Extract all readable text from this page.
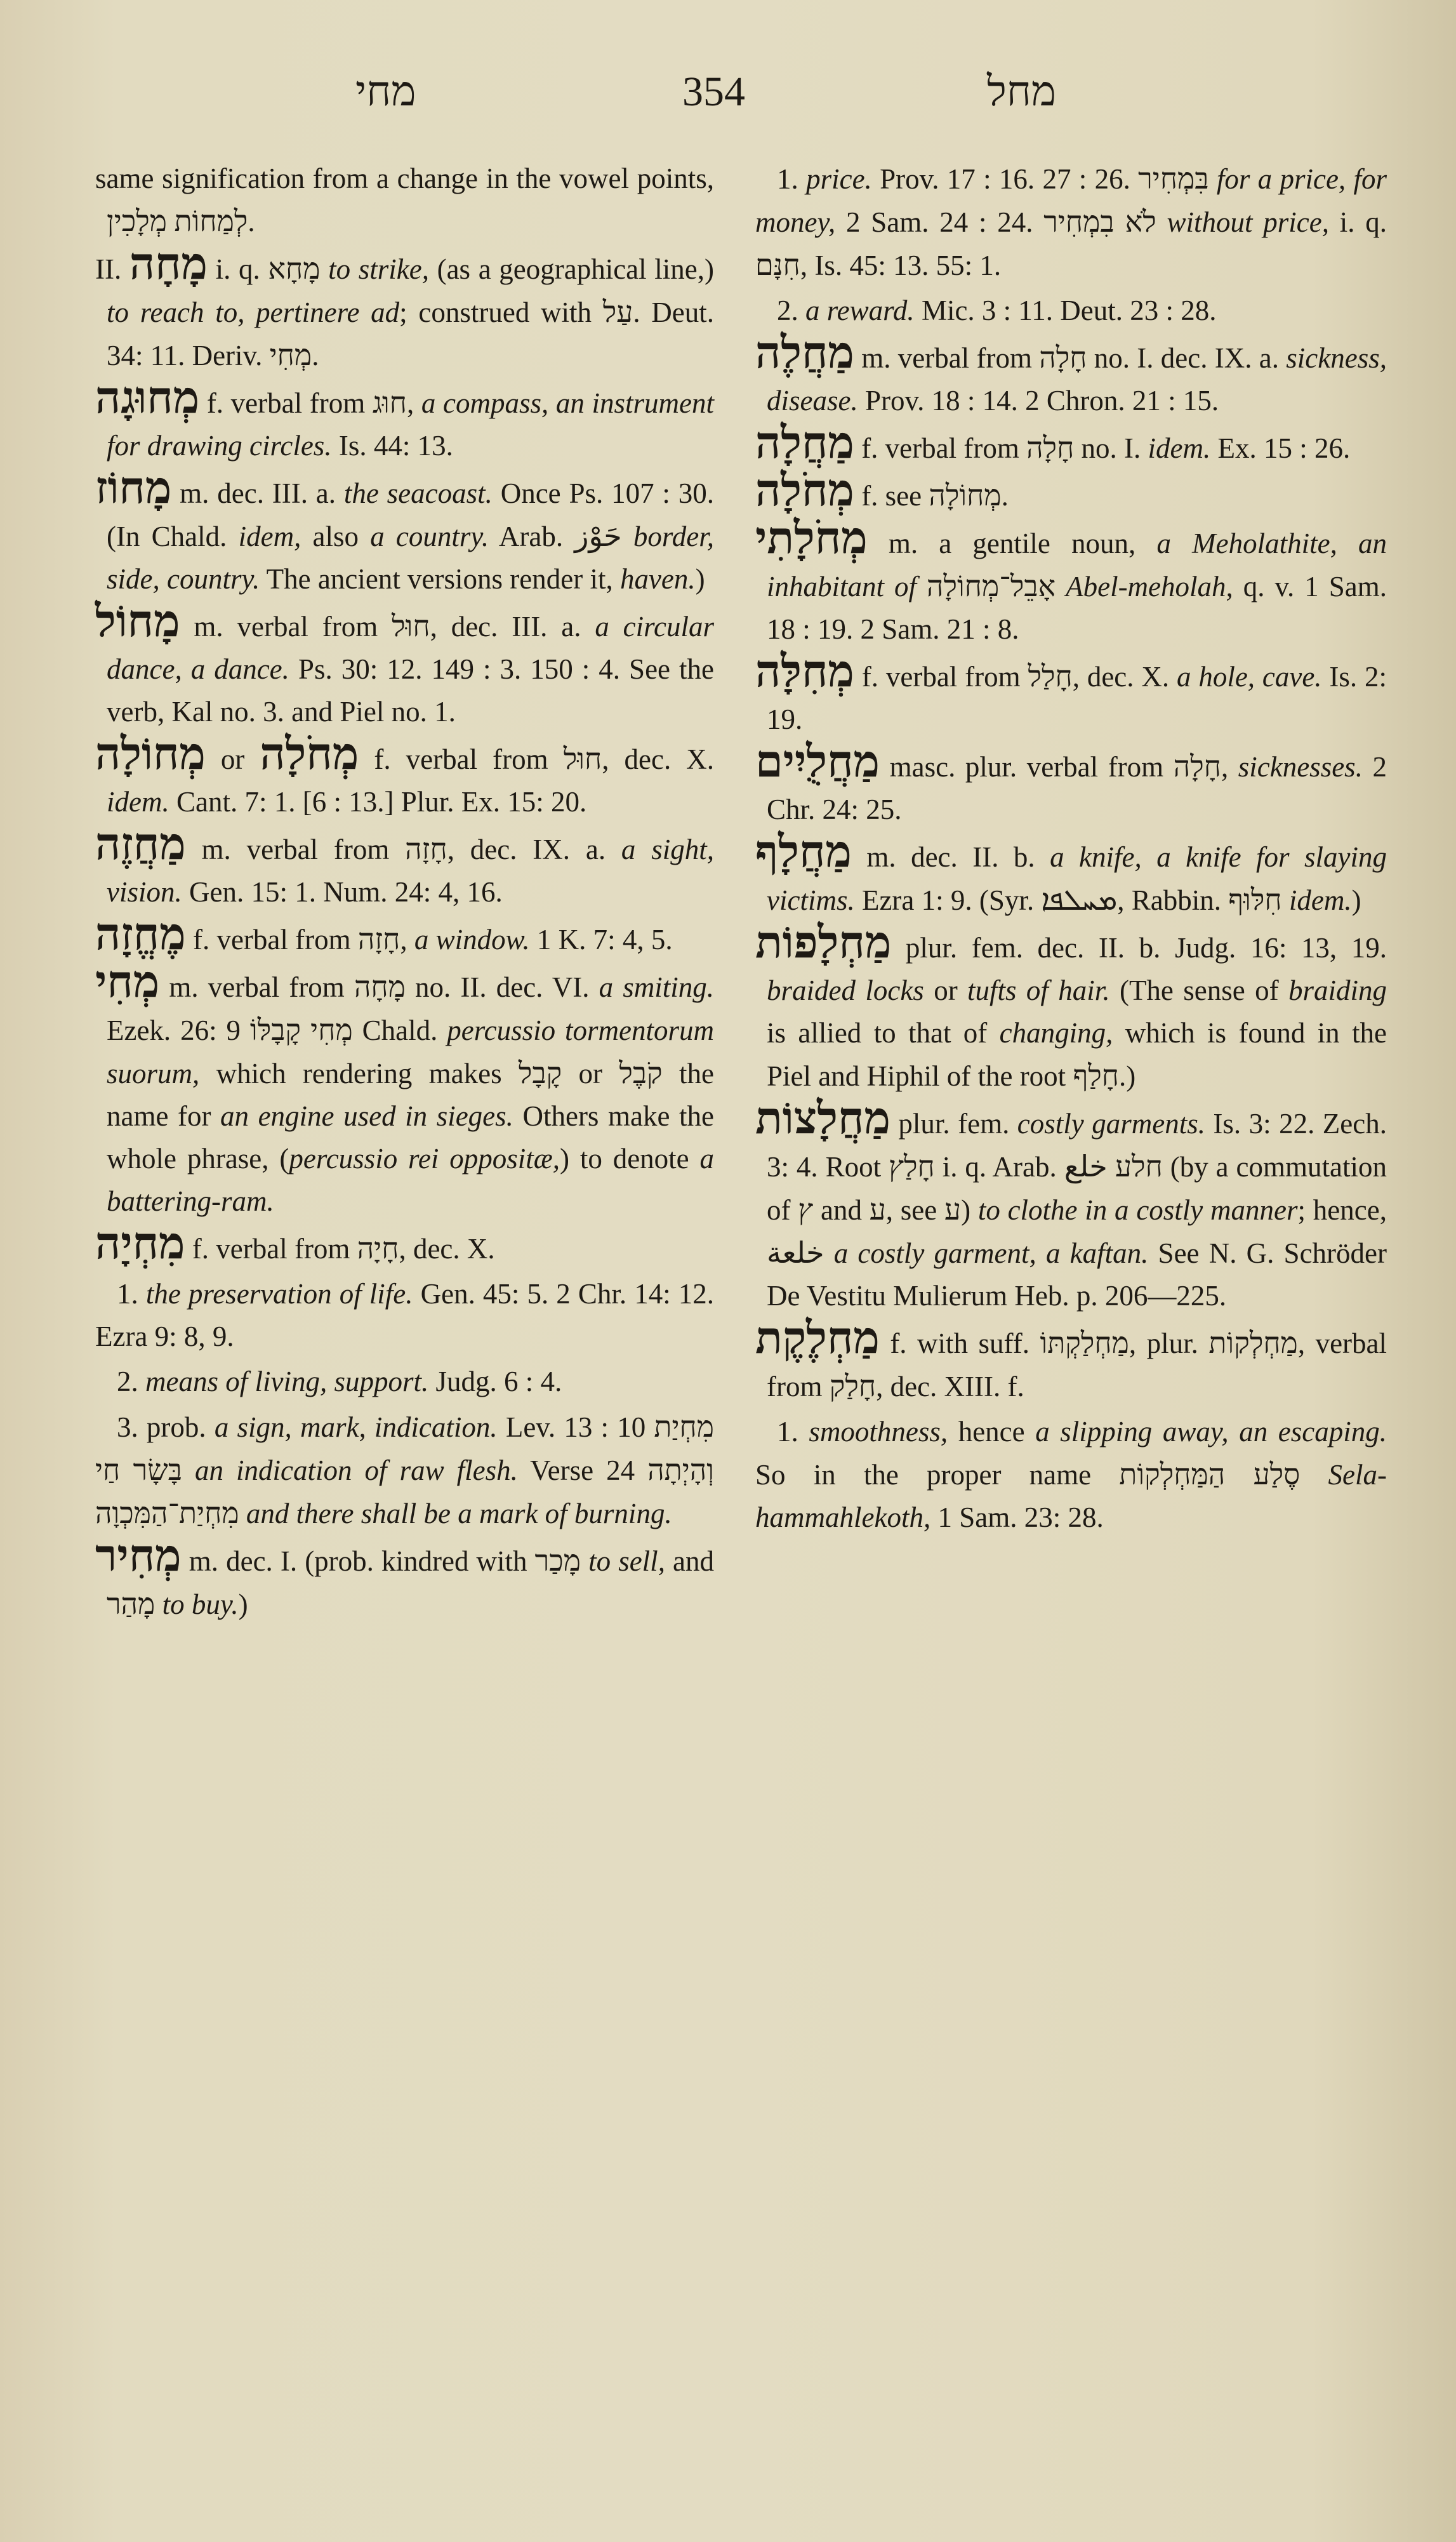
מחי	354	מחל

same signification from a change in the vowel points, לְמַחוֹת מְלָכִין.

II. מָחָה i. q. מָחָא to strike, (as a geographical line,) to reach to, pertinere ad; construed with עַל. Deut. 34: 11. Deriv. מְחִי.

מְחוּגָה f. verbal from חוּג, a compass, an instrument for drawing circles. Is. 44: 13.

מָחוֹז m. dec. III. a. the seacoast. Once Ps. 107 : 30. (In Chald. idem, also a country. Arab. حَوْز border, side, country. The ancient versions render it, haven.)

מָחוֹל m. verbal from חוּל, dec. III. a. a circular dance, a dance. Ps. 30: 12. 149 : 3. 150 : 4. See the verb, Kal no. 3. and Piel no. 1.

מְחוֹלָה or מְחֹלָה f. verbal from חוּל, dec. X. idem. Cant. 7: 1. [6 : 13.] Plur. Ex. 15: 20.

מַחֲזֶה m. verbal from חָזָה, dec. IX. a. a sight, vision. Gen. 15: 1. Num. 24: 4, 16.

מֶחֱזָה f. verbal from חָזָה, a window. 1 K. 7: 4, 5.

מְחִי m. verbal from מָחָה no. II. dec. VI. a smiting. Ezek. 26: 9 מְחִי קָבָלּוֹ Chald. percussio tormentorum suorum, which rendering makes קָבָל or קֹבֶל the name for an engine used in sieges. Others make the whole phrase, (percussio rei oppositæ,) to denote a battering-ram.

מִחְיָה f. verbal from חָיָה, dec. X.

1. the preservation of life. Gen. 45: 5. 2 Chr. 14: 12. Ezra 9: 8, 9.

2. means of living, support. Judg. 6 : 4.

3. prob. a sign, mark, indication. Lev. 13 : 10 מִחְיַת בָּשָׂר חַי an indication of raw flesh. Verse 24 וְהָיְתָה מִחְיַת־הַמִּכְוָה and there shall be a mark of burning.

מְחִיר m. dec. I. (prob. kindred with מָכַר to sell, and מָהַר to buy.)

1. price. Prov. 17 : 16. 27 : 26. בִּמְחִיר for a price, for money, 2 Sam. 24 : 24. לֹא בִמְחִיר without price, i. q. חִנָּם, Is. 45: 13. 55: 1.

2. a reward. Mic. 3 : 11. Deut. 23 : 28.

מַחֲלֶה m. verbal from חָלָה no. I. dec. IX. a. sickness, disease. Prov. 18 : 14. 2 Chron. 21 : 15.

מַחֲלָה f. verbal from חָלָה no. I. idem. Ex. 15 : 26.

מְחֹלָה f. see מְחוֹלָה.

מְחֹלָתִי m. a gentile noun, a Meholathite, an inhabitant of אָבֵל־מְחוֹלָה Abel-meholah, q. v. 1 Sam. 18 : 19. 2 Sam. 21 : 8.

מְחִלָּה f. verbal from חָלַל, dec. X. a hole, cave. Is. 2: 19.

מַחֲלֻיִים masc. plur. verbal from חָלָה, sicknesses. 2 Chr. 24: 25.

מַחֲלָף m. dec. II. b. a knife, a knife for slaying victims. Ezra 1: 9. (Syr. ܡܚܠܦܐ, Rabbin. חִלּוּף idem.)

מַחְלָפוֹת plur. fem. dec. II. b. Judg. 16: 13, 19. braided locks or tufts of hair. (The sense of braiding is allied to that of changing, which is found in the Piel and Hiphil of the root חָלַף.)

מַחֲלָצוֹת plur. fem. costly garments. Is. 3: 22. Zech. 3: 4. Root חָלַץ i. q. Arab. חלע خلع (by a commutation of ץ and ע, see ע) to clothe in a costly manner; hence, خلعة a costly garment, a kaftan. See N. G. Schröder De Vestitu Mulierum Heb. p. 206—225.

מַחְלֶקֶת f. with suff. מַחְלַקְתּוֹ, plur. מַחְלְקוֹת, verbal from חָלַק, dec. XIII. f.

1. smoothness, hence a slipping away, an escaping. So in the proper name סֶלַע הַמַּחְלְקוֹת Sela-hammahlekoth, 1 Sam. 23: 28.
